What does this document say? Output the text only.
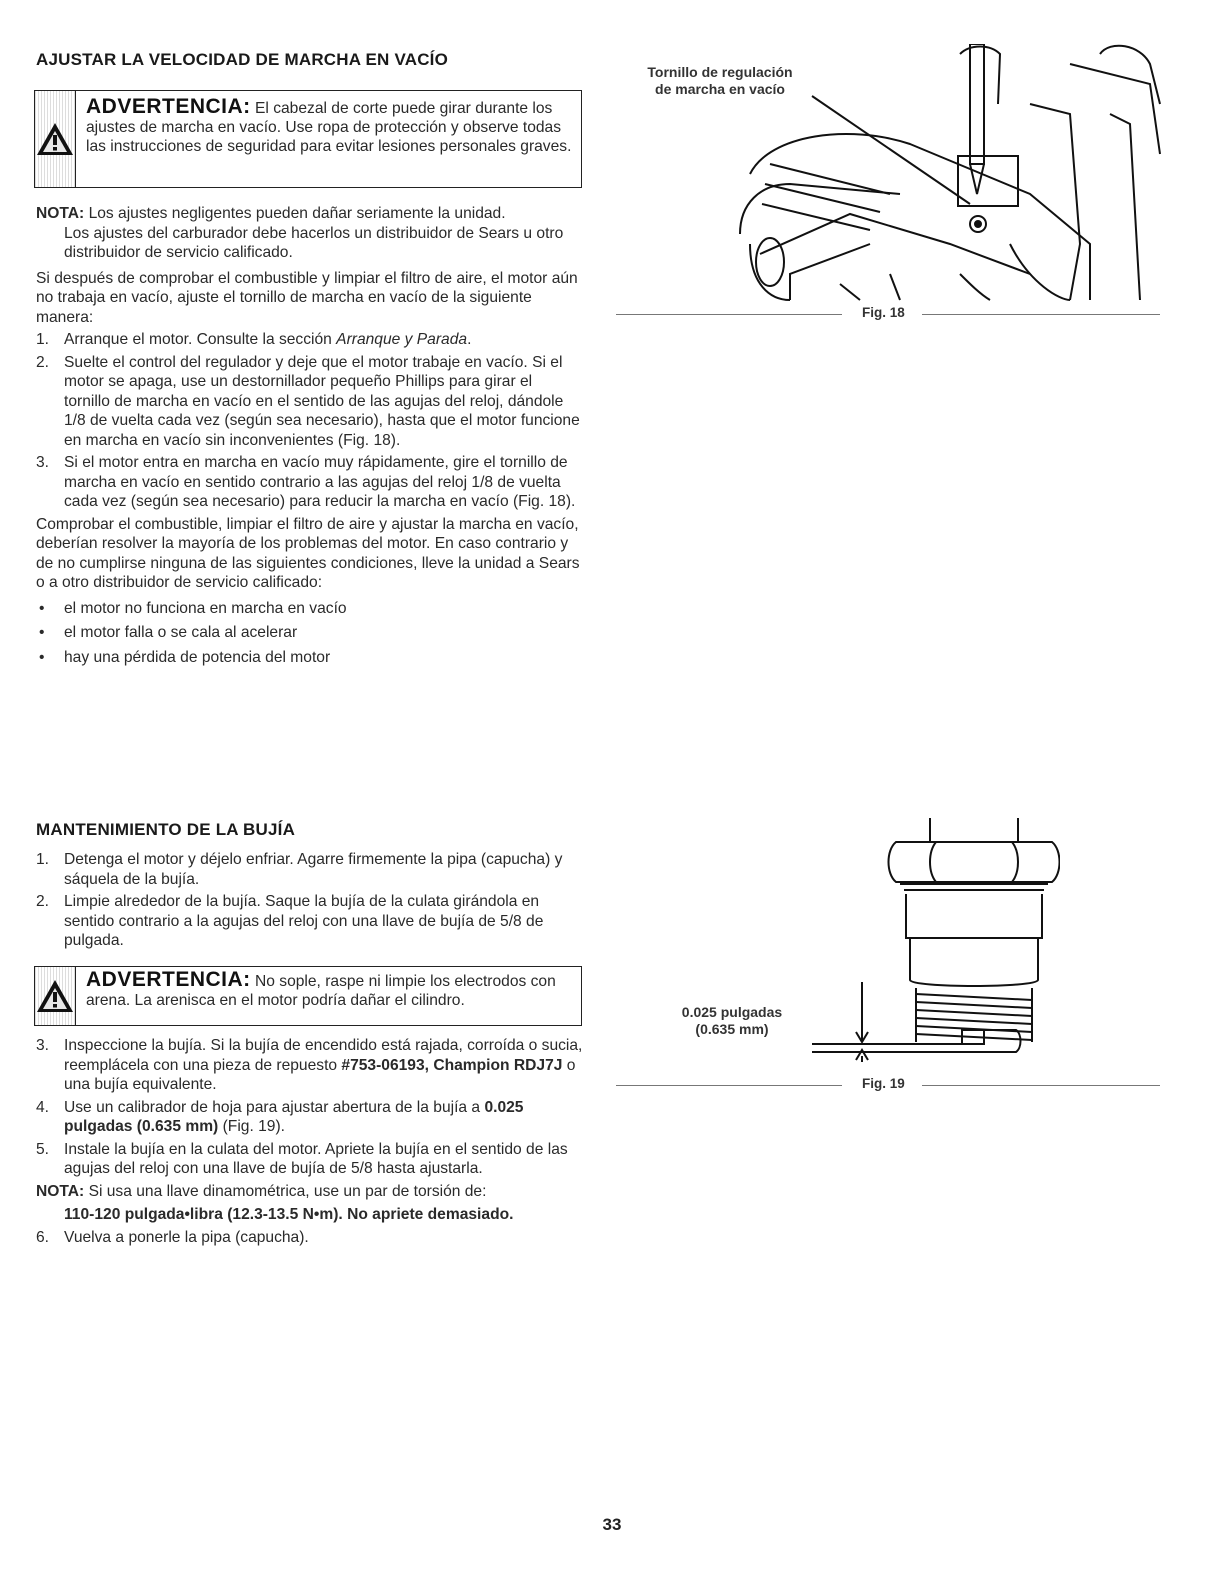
AJUSTAR LA VELOCIDAD DE MARCHA EN VACÍO
ADVERTENCIA: El cabezal de corte puede girar durante los ajustes de marcha en vacío. Use ropa de protección y observe todas las instrucciones de seguridad para evitar lesiones personales graves.

NOTA: Los ajustes negligentes pueden dañar seriamente la unidad.

Los ajustes del carburador debe hacerlos un distribuidor de Sears u otro distribuidor de servicio calificado.

Si después de comprobar el combustible y limpiar el filtro de aire, el motor aún no trabaja en vacío, ajuste el tornillo de marcha en vacío de la siguiente manera:

1. Arranque el motor. Consulte la sección Arranque y Parada.
2. Suelte el control del regulador y deje que el motor trabaje en vacío. Si el motor se apaga, use un destornillador pequeño Phillips para girar el tornillo de marcha en vacío en el sentido de las agujas del reloj, dándole 1/8 de vuelta cada vez (según sea necesario), hasta que el motor funcione en marcha en vacío sin inconvenientes (Fig. 18).
3. Si el motor entra en marcha en vacío muy rápidamente, gire el tornillo de marcha en vacío en sentido contrario a las agujas del reloj 1/8 de vuelta cada vez (según sea necesario) para reducir la marcha en vacío (Fig. 18).

Comprobar el combustible, limpiar el filtro de aire y ajustar la marcha en vacío, deberían resolver la mayoría de los problemas del motor. En caso contrario y de no cumplirse ninguna de las siguientes condiciones, lleve la unidad a Sears o a otro distribuidor de servicio calificado:

• el motor no funciona en marcha en vacío
• el motor falla o se cala al acelerar
• hay una pérdida de potencia del motor
Tornillo de regulación
de marcha en vacío
Fig. 18
MANTENIMIENTO DE LA BUJÍA
1. Detenga el motor y déjelo enfriar. Agarre firmemente la pipa (capucha) y sáquela de la bujía.
2. Limpie alrededor de la bujía. Saque la bujía de la culata girándola en sentido contrario a la agujas del reloj con una llave de bujía de 5/8 de pulgada.
ADVERTENCIA: No sople, raspe ni limpie los electrodos con arena. La arenisca en el motor podría dañar el cilindro.
3. Inspeccione la bujía. Si la bujía de encendido está rajada, corroída o sucia, reemplácela con una pieza de repuesto #753-06193, Champion RDJ7J o una bujía equivalente.
4. Use un calibrador de hoja para ajustar abertura de la bujía a 0.025 pulgadas (0.635 mm) (Fig. 19).
5. Instale la bujía en la culata del motor. Apriete la bujía en el sentido de las agujas del reloj con una llave de bujía de 5/8 hasta ajustarla.

NOTA: Si usa una llave dinamométrica, use un par de torsión de:

110-120 pulgada•libra (12.3-13.5 N•m). No apriete demasiado.

6. Vuelva a ponerle la pipa (capucha).
0.025 pulgadas
(0.635 mm)
Fig. 19
33
